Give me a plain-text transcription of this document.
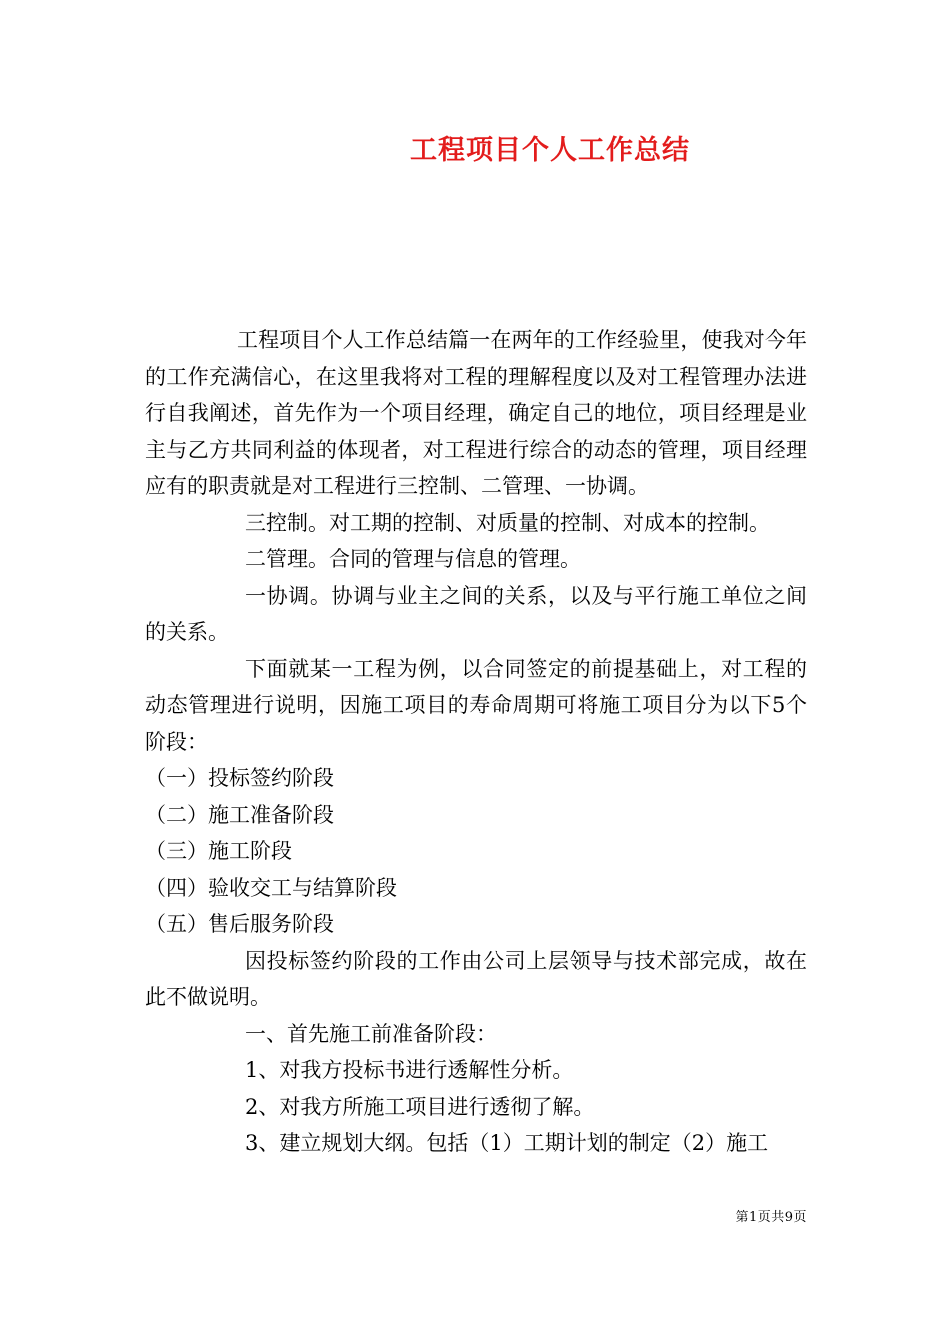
工程项目个人工作总结

工程项目个人工作总结篇一在两年的工作经验里，使我对今年的工作充满信心，在这里我将对工程的理解程度以及对工程管理办法进行自我阐述，首先作为一个项目经理，确定自己的地位，项目经理是业主与乙方共同利益的体现者，对工程进行综合的动态的管理，项目经理应有的职责就是对工程进行三控制、二管理、一协调。

三控制。对工期的控制、对质量的控制、对成本的控制。

二管理。合同的管理与信息的管理。

一协调。协调与业主之间的关系，以及与平行施工单位之间的关系。

下面就某一工程为例，以合同签定的前提基础上，对工程的动态管理进行说明，因施工项目的寿命周期可将施工项目分为以下5个阶段：

（一）投标签约阶段

（二）施工准备阶段

（三）施工阶段

（四）验收交工与结算阶段

（五）售后服务阶段

因投标签约阶段的工作由公司上层领导与技术部完成，故在此不做说明。

一、首先施工前准备阶段：

1、对我方投标书进行透解性分析。

2、对我方所施工项目进行透彻了解。

3、建立规划大纲。包括（1）工期计划的制定（2）施工

第1页共9页
